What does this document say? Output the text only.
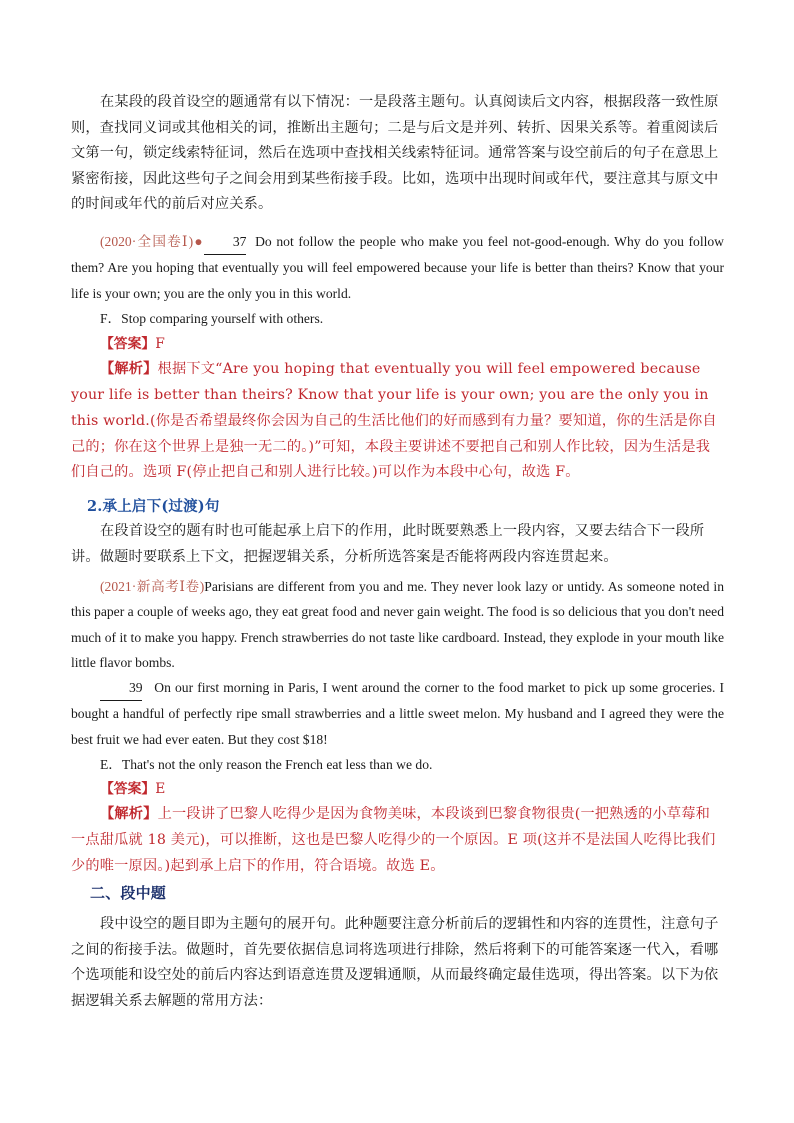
在某段的段首设空的题通常有以下情况：一是段落主题句。认真阅读后文内容，根据段落一致性原则，查找同义词或其他相关的词，推断出主题句；二是与后文是并列、转折、因果关系等。着重阅读后文第一句，锁定线索特征词，然后在选项中查找相关线索特征词。通常答案与设空前后的句子在意思上紧密衔接，因此这些句子之间会用到某些衔接手段。比如，选项中出现时间或年代，要注意其与原文中的时间或年代的前后对应关系。

(2020·全国卷Ⅰ)● 37 Do not follow the people who make you feel not-good-enough. Why do you follow them? Are you hoping that eventually you will feel empowered because your life is better than theirs? Know that your life is your own; you are the only you in this world.

F．Stop comparing yourself with others.

【答案】F

【解析】根据下文“Are you hoping that eventually you will feel empowered because your life is better than theirs? Know that your life is your own; you are the only you in this world.(你是否希望最终你会因为自己的生活比他们的好而感到有力量？要知道，你的生活是你自己的；你在这个世界上是独一无二的。)”可知，本段主要讲述不要把自己和别人作比较，因为生活是我们自己的。选项 F(停止把自己和别人进行比较。)可以作为本段中心句，故选 F。

2.承上启下(过渡)句

在段首设空的题有时也可能起承上启下的作用，此时既要熟悉上一段内容，又要去结合下一段所讲。做题时要联系上下文，把握逻辑关系，分析所选答案是否能将两段内容连贯起来。

(2021·新高考Ⅰ卷)Parisians are different from you and me. They never look lazy or untidy. As someone noted in this paper a couple of weeks ago, they eat great food and never gain weight. The food is so delicious that you don't need much of it to make you happy. French strawberries do not taste like cardboard. Instead, they explode in your mouth like little flavor bombs.

39 On our first morning in Paris, I went around the corner to the food market to pick up some groceries. I bought a handful of perfectly ripe small strawberries and a little sweet melon. My husband and I agreed they were the best fruit we had ever eaten. But they cost $18!

E．That's not the only reason the French eat less than we do.

【答案】E

【解析】上一段讲了巴黎人吃得少是因为食物美味，本段谈到巴黎食物很贵(一把熟透的小草莓和一点甜瓜就 18 美元)，可以推断，这也是巴黎人吃得少的一个原因。E 项(这并不是法国人吃得比我们少的唯一原因。)起到承上启下的作用，符合语境。故选 E。

二、段中题

段中设空的题目即为主题句的展开句。此种题要注意分析前后的逻辑性和内容的连贯性，注意句子之间的衔接手法。做题时，首先要依据信息词将选项进行排除，然后将剩下的可能答案逐一代入，看哪个选项能和设空处的前后内容达到语意连贯及逻辑通顺，从而最终确定最佳选项，得出答案。以下为依据逻辑关系去解题的常用方法：
